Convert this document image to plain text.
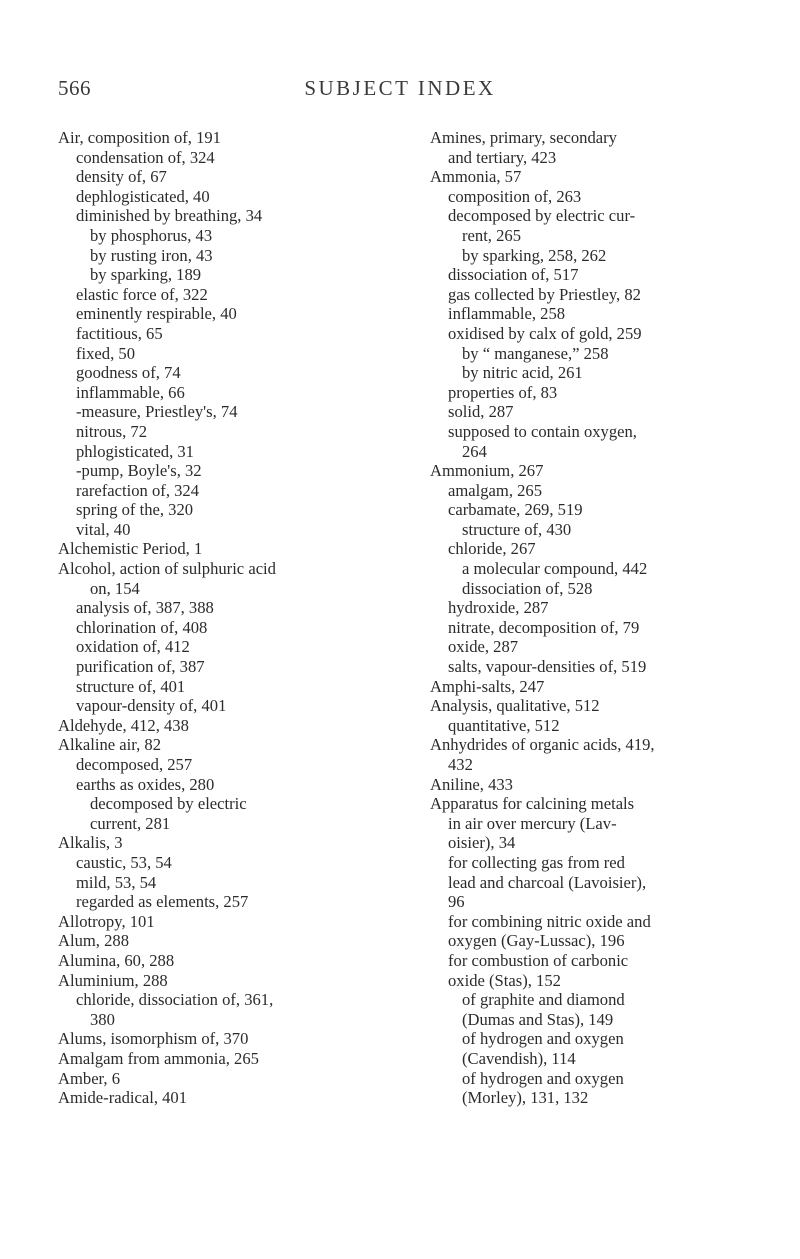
566	SUBJECT INDEX

Air, composition of, 191

condensation of, 324

density of, 67

dephlogisticated, 40

diminished by breathing, 34

by phosphorus, 43

by rusting iron, 43

by sparking, 189

elastic force of, 322

eminently respirable, 40

factitious, 65

fixed, 50

goodness of, 74

inflammable, 66

-measure, Priestley's, 74

nitrous, 72

phlogisticated, 31

-pump, Boyle's, 32

rarefaction of, 324

spring of the, 320

vital, 40

Alchemistic Period, 1

Alcohol, action of sulphuric acid

on, 154

analysis of, 387, 388

chlorination of, 408

oxidation of, 412

purification of, 387

structure of, 401

vapour-density of, 401

Aldehyde, 412, 438

Alkaline air, 82

decomposed, 257

earths as oxides, 280

decomposed by electric

current, 281

Alkalis, 3

caustic, 53, 54

mild, 53, 54

regarded as elements, 257

Allotropy, 101

Alum, 288

Alumina, 60, 288

Aluminium, 288

chloride, dissociation of, 361,

380

Alums, isomorphism of, 370

Amalgam from ammonia, 265

Amber, 6

Amide-radical, 401

Amines, primary, secondary

and tertiary, 423

Ammonia, 57

composition of, 263

decomposed by electric cur-

rent, 265

by sparking, 258, 262

dissociation of, 517

gas collected by Priestley, 82

inflammable, 258

oxidised by calx of gold, 259

by “ manganese,” 258

by nitric acid, 261

properties of, 83

solid, 287

supposed to contain oxygen,

264

Ammonium, 267

amalgam, 265

carbamate, 269, 519

structure of, 430

chloride, 267

a molecular compound, 442

dissociation of, 528

hydroxide, 287

nitrate, decomposition of, 79

oxide, 287

salts, vapour-densities of, 519

Amphi-salts, 247

Analysis, qualitative, 512

quantitative, 512

Anhydrides of organic acids, 419,

432

Aniline, 433

Apparatus for calcining metals

in air over mercury (Lav-

oisier), 34

for collecting gas from red

lead and charcoal (Lavoisier),

96

for combining nitric oxide and

oxygen (Gay-Lussac), 196

for combustion of carbonic

oxide (Stas), 152

of graphite and diamond

(Dumas and Stas), 149

of hydrogen and oxygen

(Cavendish), 114

of hydrogen and oxygen

(Morley), 131, 132
